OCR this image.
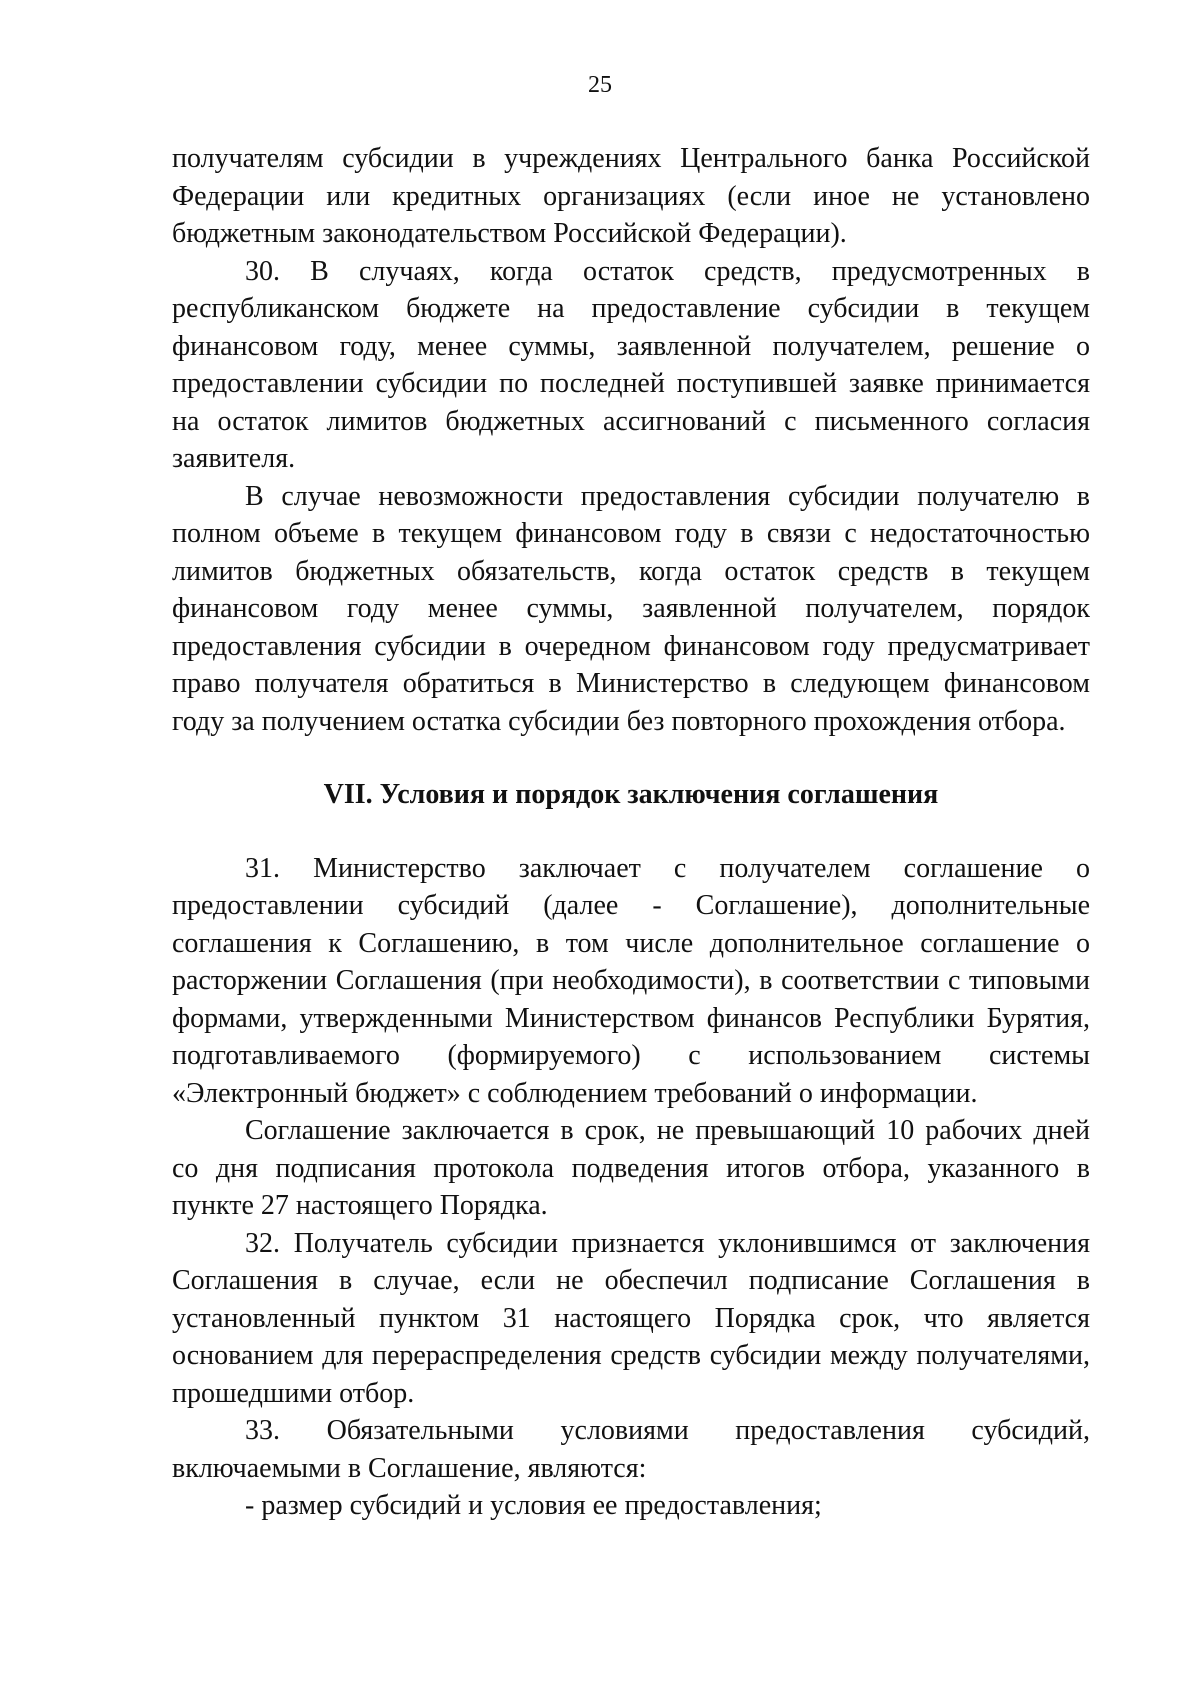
25

получателям субсидии в учреждениях Центрального банка Российской Федерации или кредитных организациях (если иное не установлено бюджетным законодательством Российской Федерации).

30. В случаях, когда остаток средств, предусмотренных в республиканском бюджете на предоставление субсидии в текущем финансовом году, менее суммы, заявленной получателем, решение о предоставлении субсидии по последней поступившей заявке принимается на остаток лимитов бюджетных ассигнований с письменного согласия заявителя.

В случае невозможности предоставления субсидии получателю в полном объеме в текущем финансовом году в связи с недостаточностью лимитов бюджетных обязательств, когда остаток средств в текущем финансовом году менее суммы, заявленной получателем, порядок предоставления субсидии в очередном финансовом году предусматривает право получателя обратиться в Министерство в следующем финансовом году за получением остатка субсидии без повторного прохождения отбора.

VII. Условия и порядок заключения соглашения

31. Министерство заключает с получателем соглашение о предоставлении субсидий (далее - Соглашение), дополнительные соглашения к Соглашению, в том числе дополнительное соглашение о расторжении Соглашения (при необходимости), в соответствии с типовыми формами, утвержденными Министерством финансов Республики Бурятия, подготавливаемого (формируемого) с использованием системы «Электронный бюджет» с соблюдением требований о информации.

Соглашение заключается в срок, не превышающий 10 рабочих дней со дня подписания протокола подведения итогов отбора, указанного в пункте 27 настоящего Порядка.

32. Получатель субсидии признается уклонившимся от заключения Соглашения в случае, если не обеспечил подписание Соглашения в установленный пунктом 31 настоящего Порядка срок, что является основанием для перераспределения средств субсидии между получателями, прошедшими отбор.

33. Обязательными условиями предоставления субсидий, включаемыми в Соглашение, являются:

- размер субсидий и условия ее предоставления;
